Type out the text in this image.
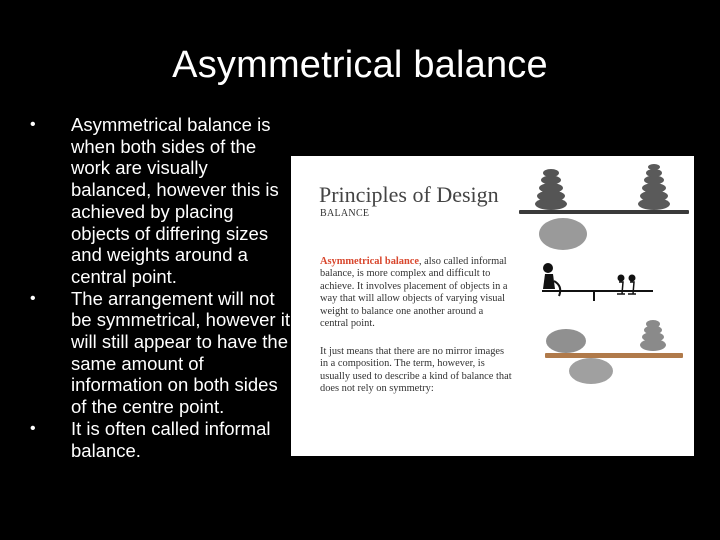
Asymmetrical balance
• Asymmetrical balance is when both sides of the work are visually balanced, however this is achieved by placing objects of differing sizes and weights around a central point.
• The arrangement will not be symmetrical, however it will still appear to have the same amount of information on both sides of the centre point.
• It is often called informal balance.
Principles of Design
BALANCE

Asymmetrical balance, also called informal balance, is more complex and difficult to achieve. It involves placement of objects in a way that will allow objects of varying visual weight to balance one another around a central point.

It just means that there are no mirror images in a composition. The term, however, is usually used to describe a kind of balance that does not rely on symmetry:
